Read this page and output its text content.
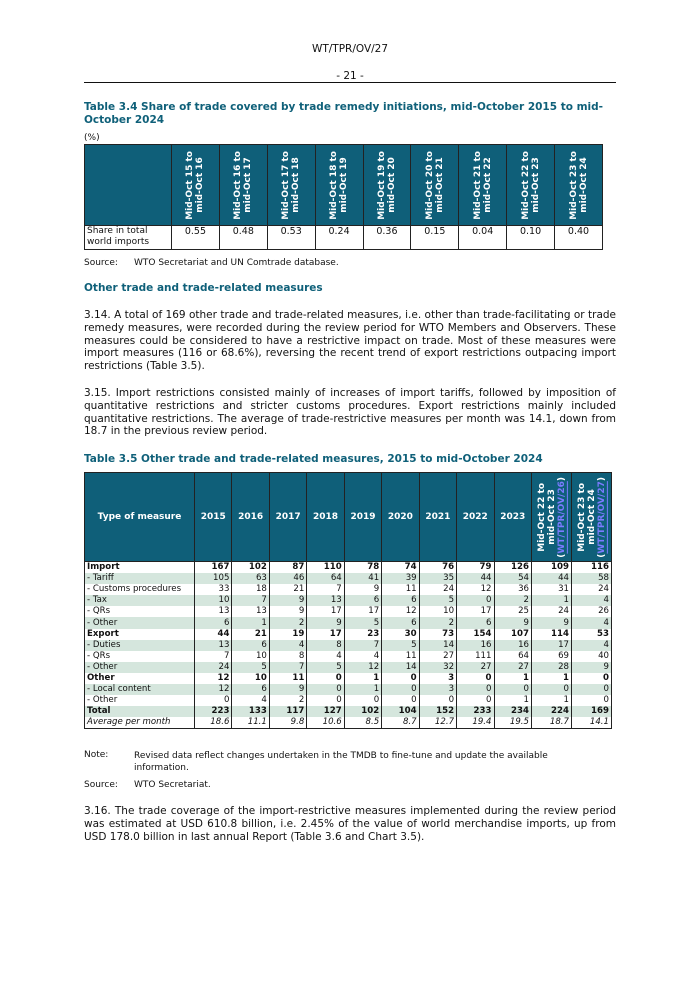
WT/TPR/OV/27
- 21 -
Table 3.4 Share of trade covered by trade remedy initiations, mid-October 2015 to mid-October 2024
(%)

	Mid-Oct 15 to
mid-Oct 16	Mid-Oct 16 to
mid-Oct 17	Mid-Oct 17 to
mid-Oct 18	Mid-Oct 18 to
mid-Oct 19	Mid-Oct 19 to
mid-Oct 20	Mid-Oct 20 to
mid-Oct 21	Mid-Oct 21 to
mid-Oct 22	Mid-Oct 22 to
mid-Oct 23	Mid-Oct 23 to
mid-Oct 24

Share in total world imports	0.55	0.48	0.53	0.24	0.36	0.15	0.04	0.10	0.40
Source: WTO Secretariat and UN Comtrade database.
Other trade and trade-related measures
3.14. A total of 169 other trade and trade-related measures, i.e. other than trade-facilitating or trade remedy measures, were recorded during the review period for WTO Members and Observers. These measures could be considered to have a restrictive impact on trade. Most of these measures were import measures (116 or 68.6%), reversing the recent trend of export restrictions outpacing import restrictions (Table 3.5).
3.15. Import restrictions consisted mainly of increases of import tariffs, followed by imposition of quantitative restrictions and stricter customs procedures. Export restrictions mainly included quantitative restrictions. The average of trade-restrictive measures per month was 14.1, down from 18.7 in the previous review period.
Table 3.5 Other trade and trade-related measures, 2015 to mid-October 2024
Type of measure	2015	2016	2017	2018	2019	2020	2021	2022	2023	Mid-Oct 22 to
mid-Oct 23
(WT/TPR/OV/26)	Mid-Oct 23 to
mid-Oct 24
(WT/TPR/OV/27)

Import	167	102	87	110	78	74	76	79	126	109	116
- Tariff	105	63	46	64	41	39	35	44	54	44	58
- Customs procedures	33	18	21	7	9	11	24	12	36	31	24
- Tax	10	7	9	13	6	6	5	0	2	1	4
- QRs	13	13	9	17	17	12	10	17	25	24	26
- Other	6	1	2	9	5	6	2	6	9	9	4
Export	44	21	19	17	23	30	73	154	107	114	53
- Duties	13	6	4	8	7	5	14	16	16	17	4
- QRs	7	10	8	4	4	11	27	111	64	69	40
- Other	24	5	7	5	12	14	32	27	27	28	9
Other	12	10	11	0	1	0	3	0	1	1	0
- Local content	12	6	9	0	1	0	3	0	0	0	0
- Other	0	4	2	0	0	0	0	0	1	1	0
Total	223	133	117	127	102	104	152	233	234	224	169
Average per month	18.6	11.1	9.8	10.6	8.5	8.7	12.7	19.4	19.5	18.7	14.1
Note:	Revised data reflect changes undertaken in the TMDB to fine-tune and update the available information.
Source: WTO Secretariat.
3.16. The trade coverage of the import-restrictive measures implemented during the review period was estimated at USD 610.8 billion, i.e. 2.45% of the value of world merchandise imports, up from USD 178.0 billion in last annual Report (Table 3.6 and Chart 3.5).
